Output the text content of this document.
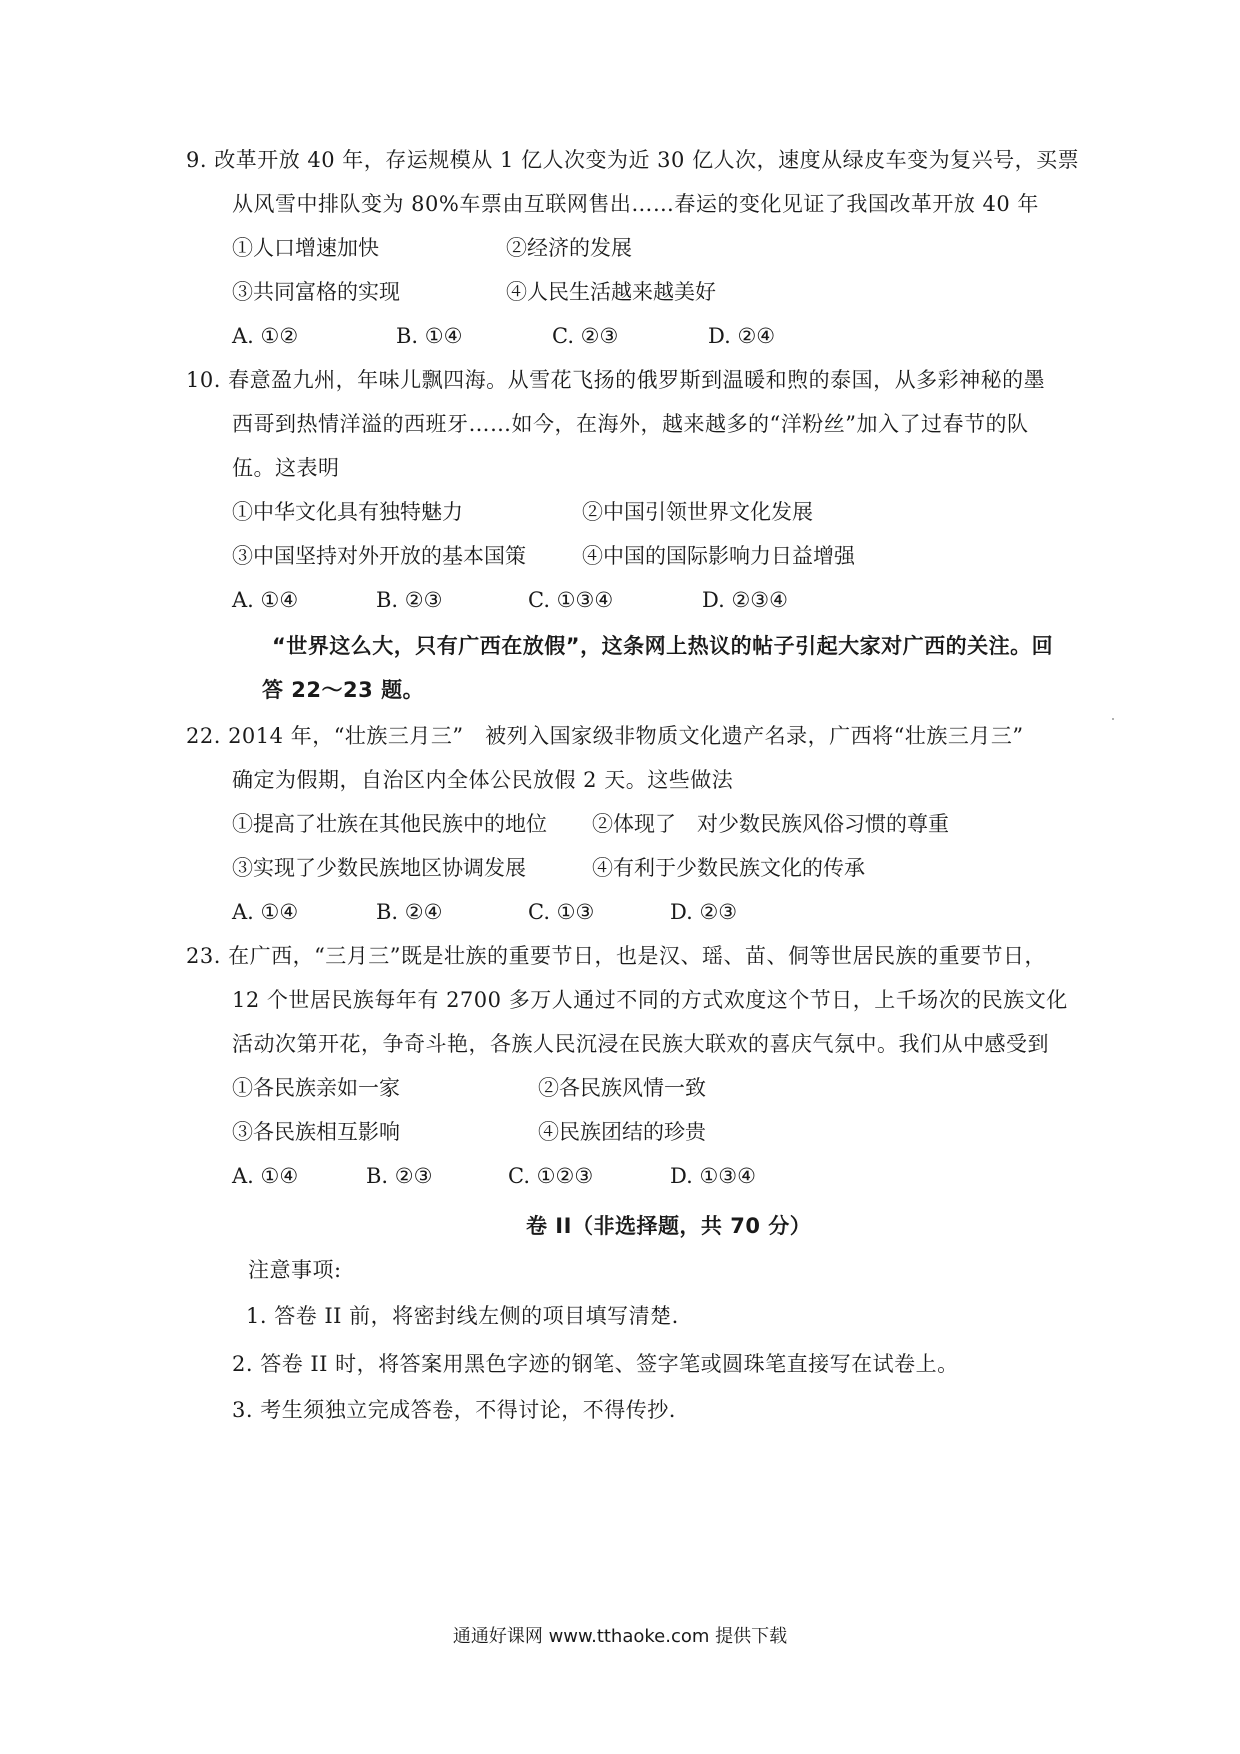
9. 改革开放 40 年，存运规模从 1 亿人次变为近 30 亿人次，速度从绿皮车变为复兴号，买票
从风雪中排队变为 80%车票由互联网售出……春运的变化见证了我国改革开放 40 年
①人口增速加快	②经济的发展
③共同富格的实现	④人民生活越来越美好
A. ①②	B. ①④	C. ②③	D. ②④
10. 春意盈九州，年味儿飘四海。从雪花飞扬的俄罗斯到温暖和煦的泰国，从多彩神秘的墨
西哥到热情洋溢的西班牙……如今，在海外，越来越多的“洋粉丝”加入了过春节的队
伍。这表明
①中华文化具有独特魅力	②中国引领世界文化发展
③中国坚持对外开放的基本国策	④中国的国际影响力日益增强
A. ①④	B. ②③	C. ①③④	D. ②③④
“世界这么大，只有广西在放假”，这条网上热议的帖子引起大家对广西的关注。回
答 22～23 题。
22. 2014 年，“壮族三月三”　被列入国家级非物质文化遗产名录，广西将“壮族三月三”
确定为假期，自治区内全体公民放假 2 天。这些做法
①提高了壮族在其他民族中的地位 ②体现了　对少数民族风俗习惯的尊重
③实现了少数民族地区协调发展	④有利于少数民族文化的传承
A. ①④	B. ②④	C. ①③	D. ②③
23. 在广西，“三月三”既是壮族的重要节日，也是汉、瑶、苗、侗等世居民族的重要节日，
12 个世居民族每年有 2700 多万人通过不同的方式欢度这个节日，上千场次的民族文化
活动次第开花，争奇斗艳，各族人民沉浸在民族大联欢的喜庆气氛中。我们从中感受到
①各民族亲如一家	②各民族风情一致
③各民族相互影响	④民族团结的珍贵
A. ①④	B. ②③	C. ①②③	D. ①③④
卷 II（非选择题，共 70 分）
注意事项:
1. 答卷 II 前，将密封线左侧的项目填写清楚.
2. 答卷 II 时，将答案用黑色字迹的钢笔、签字笔或圆珠笔直接写在试卷上。
3. 考生须独立完成答卷，不得讨论，不得传抄.
通通好课网 www.tthaoke.com 提供下载
